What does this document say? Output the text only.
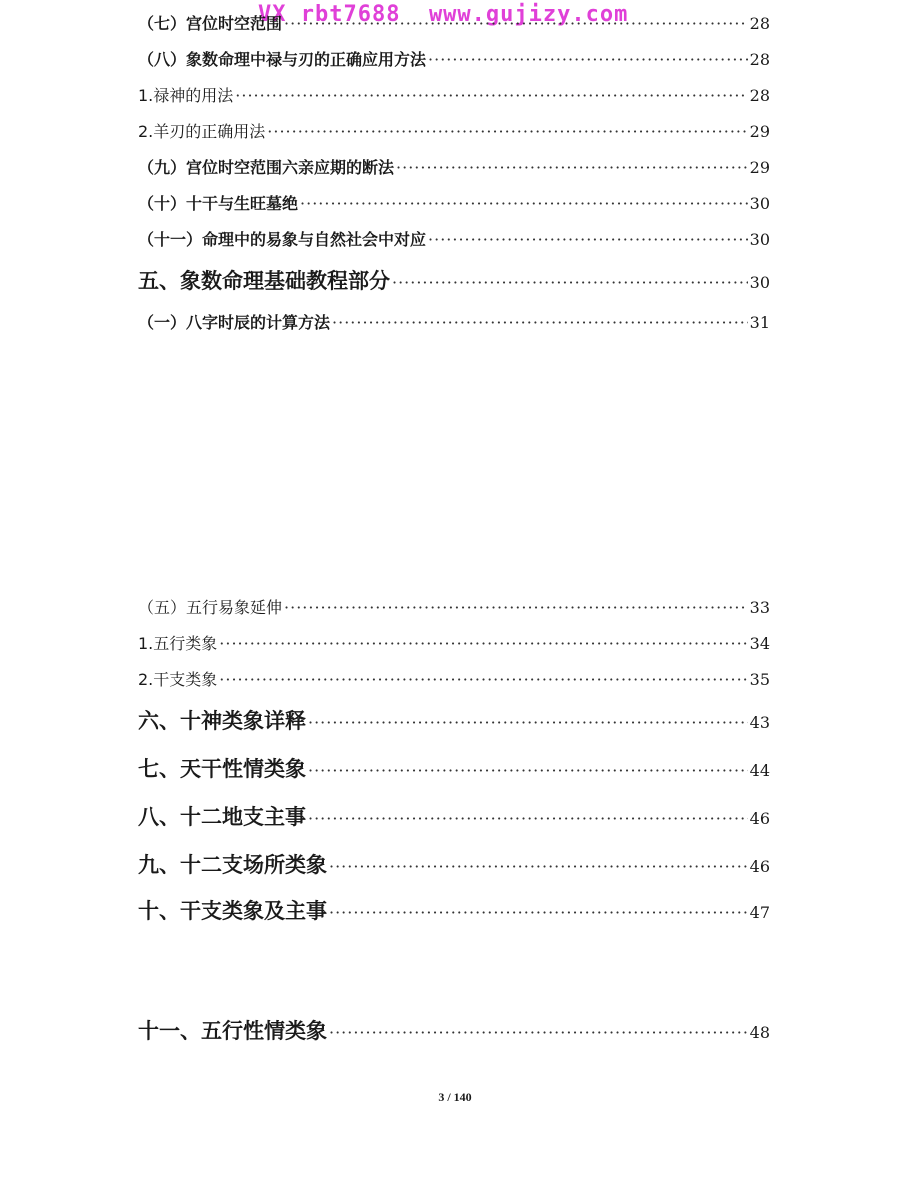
VX rbt7688  www.gujizy.com
（七）宫位时空范围 ·····	28
（八）象数命理中禄与刃的正确应用方法 ·····	28
1.禄神的用法 ·····	28
2.羊刃的正确用法 ·····	29
（九）宫位时空范围六亲应期的断法 ·····	29
（十）十干与生旺墓绝 ·····	30
（十一）命理中的易象与自然社会中对应 ·····	30
五、象数命理基础教程部分 ·····	30
（一）八字时辰的计算方法 ·····	31
（五）五行易象延伸 ·····	33
1.五行类象 ·····	34
2.干支类象 ·····	35
六、十神类象详释 ·····	43
七、天干性情类象 ·····	44
八、十二地支主事 ·····	46
九、十二支场所类象 ·····	46
十、干支类象及主事 ·····	47
十一、五行性情类象 ·····	48
3 / 140
